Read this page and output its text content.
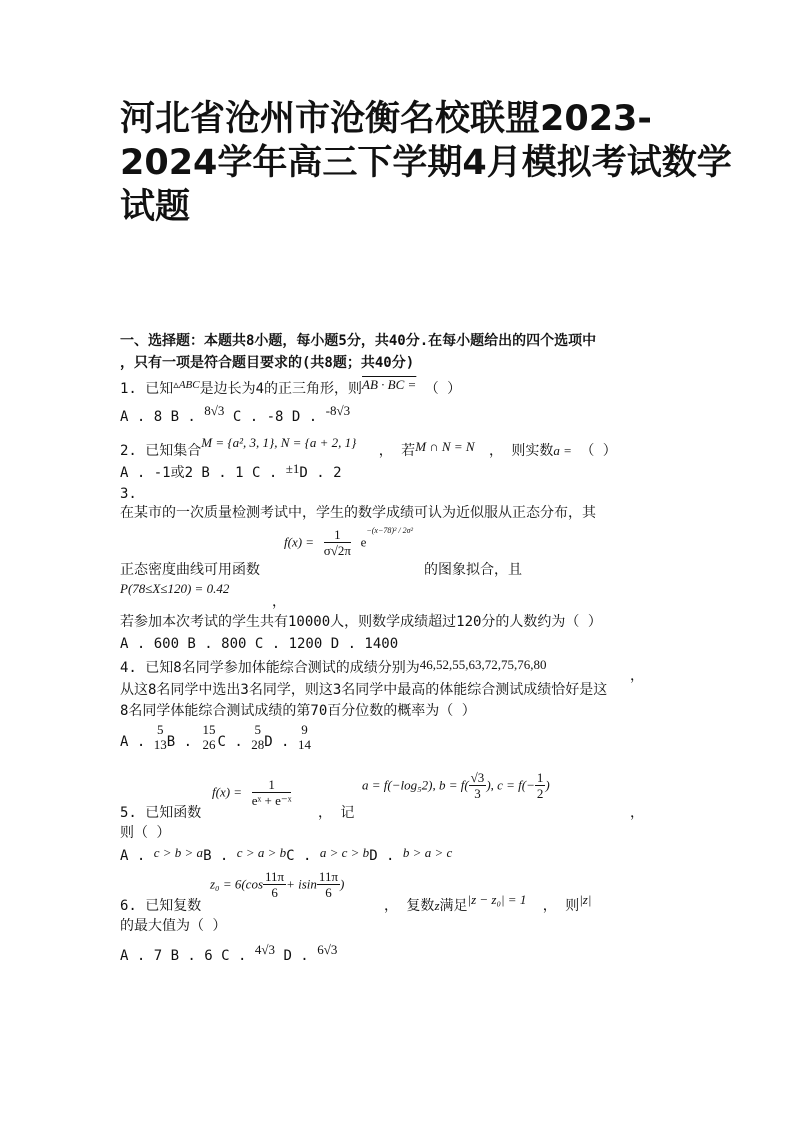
河北省沧州市沧衡名校联盟2023-
2024学年高三下学期4月模拟考试数学
试题
一、选择题：本题共8小题，每小题5分，共40分.在每小题给出的四个选项中
，只有一项是符合题目要求的(共8题；共40分)
1. 已知$^{▵ABC}$是边长为4的正三角形，则AB · BC = （ ）
A . 8 B . 8√3 C . -8 D . -8√3
2. 已知集合M = {a², 3, 1}, N = {a + 2, 1} ， 若M ∩ N = N ， 则实数a = （ ）
A . -1或2 B . 1 C . ±1D . 2
3.
在某市的一次质量检测考试中，学生的数学成绩可认为近似服从正态分布，其
$f(x) = \frac{1}{\sigma√2\pi} e^{-(x-78)^2 / 2\sigma^2}$
正态密度曲线可用函数	的图象拟合，且
P(78≤X≤120) = 0.42
，
若参加本次考试的学生共有10000人，则数学成绩超过120分的人数约为（ ）
A . 600 B . 800 C . 1200 D . 1400
4. 已知8名同学参加体能综合测试的成绩分别为46,52,55,63,72,75,76,80
，
从这8名同学中选出3名同学，则这3名同学中最高的体能综合测试成绩恰好是这
8名同学体能综合测试成绩的第70百分位数的概率为（ ）
A .
5
13 B .
15
26 C .
5
28 D .
9
14
$f(x) = \frac{1}{\text{eˣ + e⁻ˣ}}$	a = f(−log₅2), $b = f( \frac{√3}{3}$ ), $c = f(- \frac{1}{2}$ )
5. 已知函数	， 记	，
则（ ）
A . c > b > aB . c > a > bC . a > c > bD . b > a > c
$z_0 = 6(\cos \frac{11\pi}{6} + isin \frac{11\pi}{6}$ )
6. 已知复数	， 复数z满足|z − z₀| = 1 ， 则|z|
的最大值为（ ）
A . 7 B . 6 C . 4√3 D . 6√3
